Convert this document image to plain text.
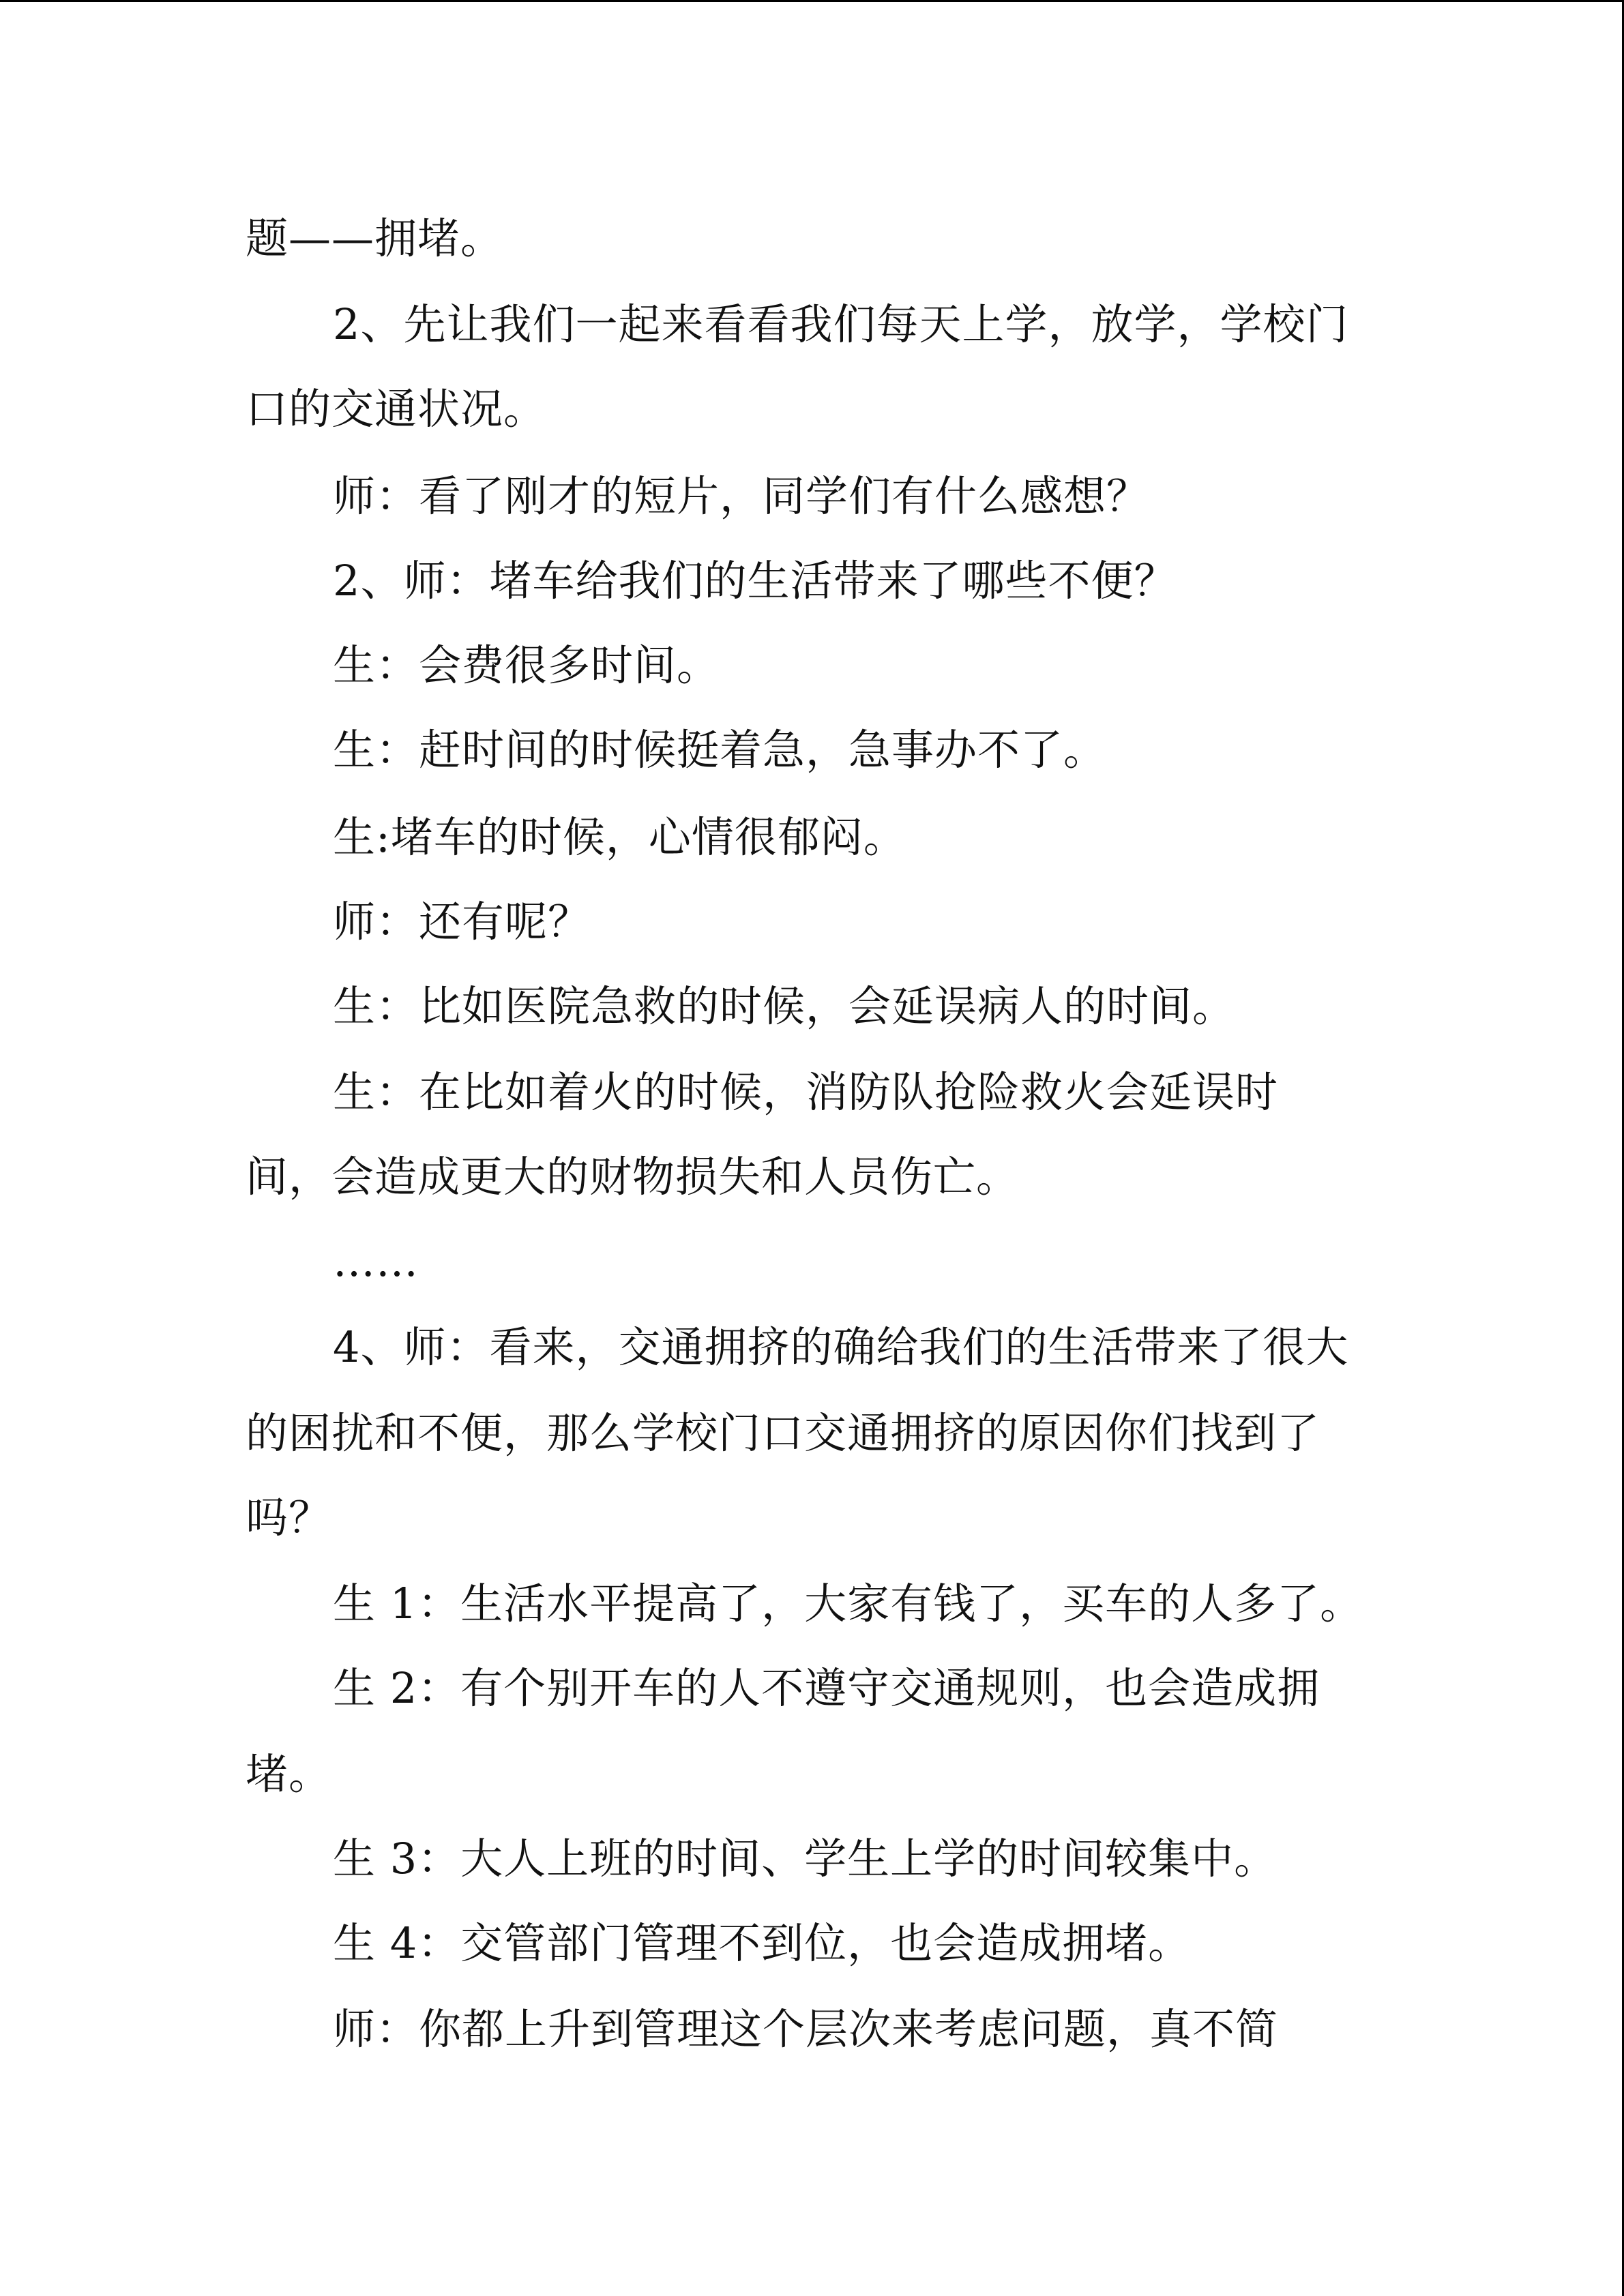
题——拥堵。

2、先让我们一起来看看我们每天上学，放学，学校门

口的交通状况。

师：看了刚才的短片，同学们有什么感想？

2、师：堵车给我们的生活带来了哪些不便？

生：会费很多时间。

生：赶时间的时候挺着急，急事办不了。

生:堵车的时候，心情很郁闷。

师：还有呢？

生：比如医院急救的时候，会延误病人的时间。

生：在比如着火的时候，消防队抢险救火会延误时

间，会造成更大的财物损失和人员伤亡。

……

4、师：看来，交通拥挤的确给我们的生活带来了很大

的困扰和不便，那么学校门口交通拥挤的原因你们找到了

吗？

生 1：生活水平提高了，大家有钱了，买车的人多了。

生 2：有个别开车的人不遵守交通规则，也会造成拥

堵。

生 3：大人上班的时间、学生上学的时间较集中。

生 4：交管部门管理不到位，也会造成拥堵。

师：你都上升到管理这个层次来考虑问题，真不简
